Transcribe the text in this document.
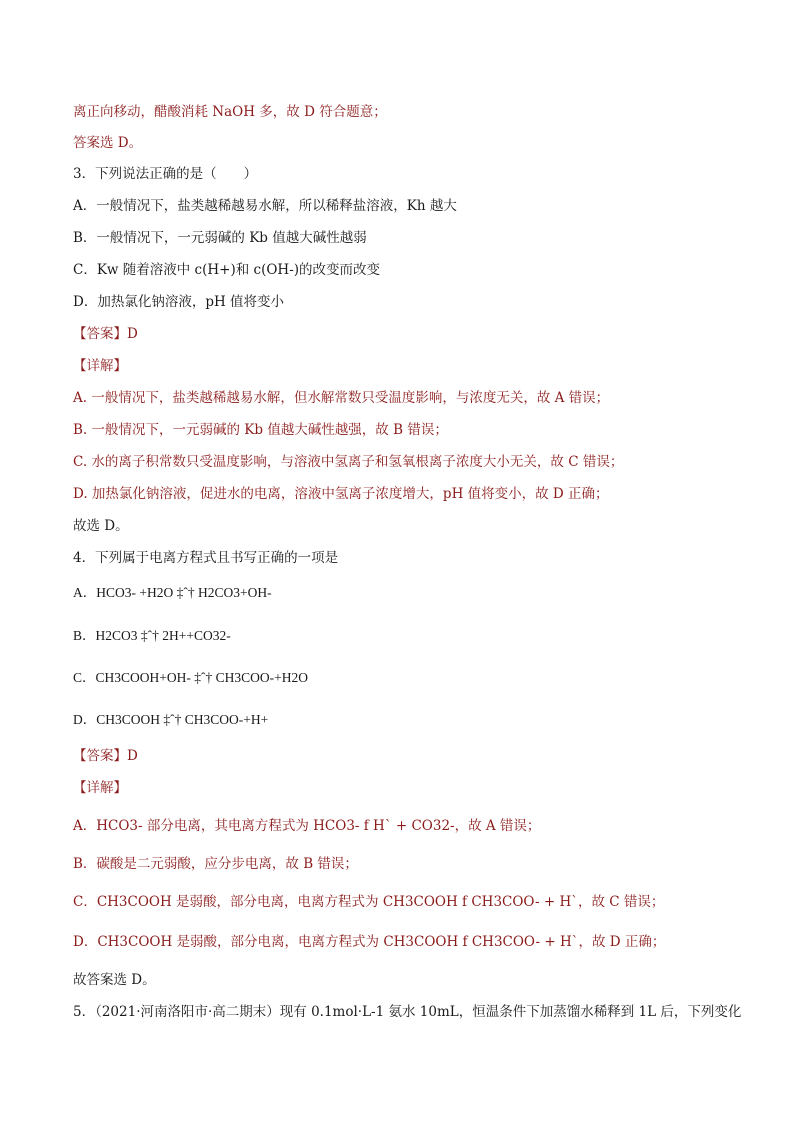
离正向移动，醋酸消耗 NaOH 多，故 D 符合题意；
答案选 D。
3．下列说法正确的是（　　）
A．一般情况下，盐类越稀越易水解，所以稀释盐溶液，Kh 越大
B．一般情况下，一元弱碱的 Kb 值越大碱性越弱
C．Kw 随着溶液中 c(H+)和 c(OH-)的改变而改变
D．加热氯化钠溶液，pH 值将变小
【答案】D
【详解】
A. 一般情况下，盐类越稀越易水解，但水解常数只受温度影响，与浓度无关，故 A 错误；
B. 一般情况下，一元弱碱的 Kb 值越大碱性越强，故 B 错误；
C. 水的离子积常数只受温度影响，与溶液中氢离子和氢氧根离子浓度大小无关，故 C 错误；
D. 加热氯化钠溶液，促进水的电离，溶液中氢离子浓度增大，pH 值将变小，故 D 正确；
故选 D。
4．下列属于电离方程式且书写正确的一项是
A．HCO3- +H2O ‡ˆ† H2CO3+OH-
B．H2CO3 ‡ˆ† 2H++CO32-
C．CH3COOH+OH- ‡ˆ† CH3COO-+H2O
D．CH3COOH ‡ˆ† CH3COO-+H+
【答案】D
【详解】
A．HCO3- 部分电离，其电离方程式为 HCO3- f H` + CO32-，故 A 错误；
B．碳酸是二元弱酸，应分步电离，故 B 错误；
C．CH3COOH 是弱酸，部分电离，电离方程式为 CH3COOH f CH3COO- + H`，故 C 错误；
D．CH3COOH 是弱酸，部分电离，电离方程式为 CH3COOH f CH3COO- + H`，故 D 正确；
故答案选 D。
5．（2021·河南洛阳市·高二期末）现有 0.1mol·L-1 氨水 10mL，恒温条件下加蒸馏水稀释到 1L 后，下列变化
